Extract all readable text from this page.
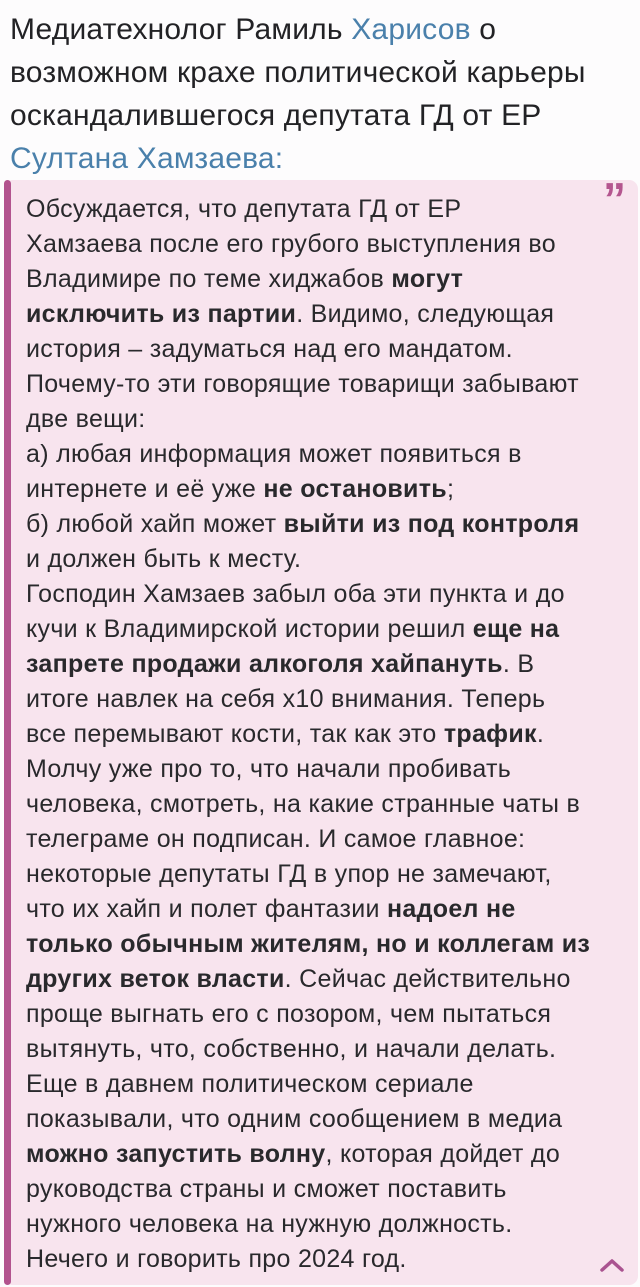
Медиатехнолог Рамиль Харисов о
возможном крахе политической карьеры
оскандалившегося депутата ГД от ЕР
Султана Хамзаева:
”
Обсуждается, что депутата ГД от ЕР
Хамзаева после его грубого выступления во
Владимире по теме хиджабов могут
исключить из партии. Видимо, следующая
история – задуматься над его мандатом.
Почему-то эти говорящие товарищи забывают
две вещи:
а) любая информация может появиться в
интернете и её уже не остановить;
б) любой хайп может выйти из под контроля
и должен быть к месту.
Господин Хамзаев забыл оба эти пункта и до
кучи к Владимирской истории решил еще на
запрете продажи алкоголя хайпануть. В
итоге навлек на себя х10 внимания. Теперь
все перемывают кости, так как это трафик.
Молчу уже про то, что начали пробивать
человека, смотреть, на какие странные чаты в
телеграме он подписан. И самое главное:
некоторые депутаты ГД в упор не замечают,
что их хайп и полет фантазии надоел не
только обычным жителям, но и коллегам из
других веток власти. Сейчас действительно
проще выгнать его с позором, чем пытаться
вытянуть, что, собственно, и начали делать.
Еще в давнем политическом сериале
показывали, что одним сообщением в медиа
можно запустить волну, которая дойдет до
руководства страны и сможет поставить
нужного человека на нужную должность.
Нечего и говорить про 2024 год.
